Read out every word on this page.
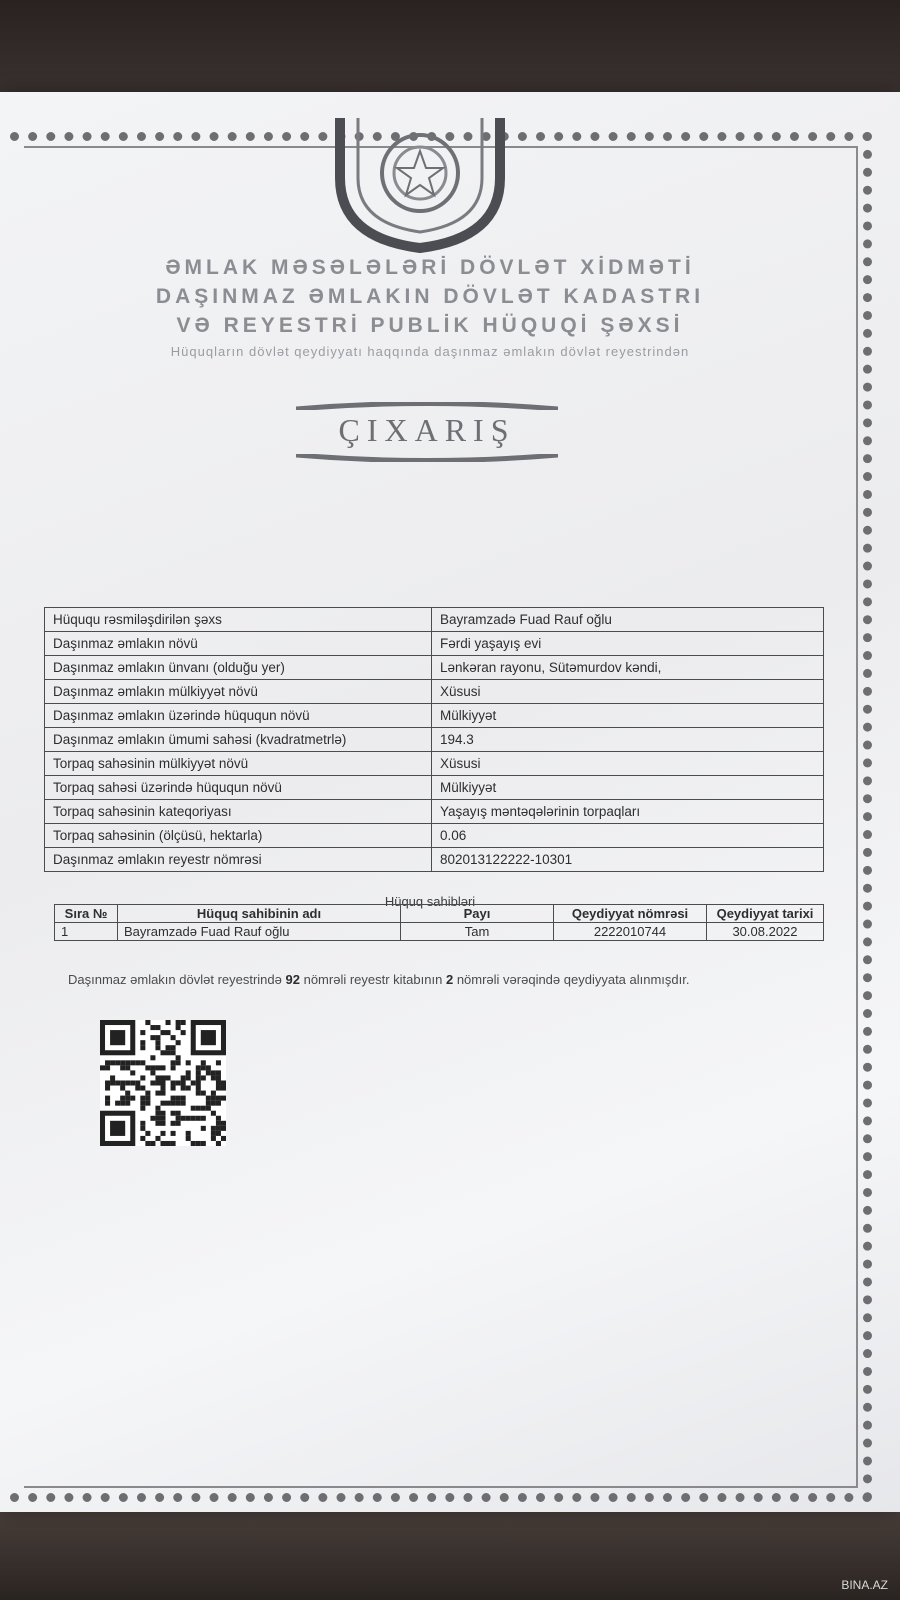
ƏMLAK MƏSƏLƏLƏRİ DÖVLƏT XİDMƏTİ
DAŞINMAZ ƏMLAKIN DÖVLƏT KADASTRI
VƏ REYESTRİ PUBLİK HÜQUQİ ŞƏXSİ
Hüquqların dövlət qeydiyyatı haqqında daşınmaz əmlakın dövlət reyestrindən
ÇIXARIŞ
Hüququ rəsmiləşdirilən şəxs	Bayramzadə Fuad Rauf oğlu
Daşınmaz əmlakın növü	Fərdi yaşayış evi
Daşınmaz əmlakın ünvanı (olduğu yer)	Lənkəran rayonu, Sütəmurdov kəndi,
Daşınmaz əmlakın mülkiyyət növü	Xüsusi
Daşınmaz əmlakın üzərində hüququn növü	Mülkiyyət
Daşınmaz əmlakın ümumi sahəsi (kvadratmetrlə)	194.3
Torpaq sahəsinin mülkiyyət növü	Xüsusi
Torpaq sahəsi üzərində hüququn növü	Mülkiyyət
Torpaq sahəsinin kateqoriyası	Yaşayış məntəqələrinin torpaqları
Torpaq sahəsinin (ölçüsü, hektarla)	0.06
Daşınmaz əmlakın reyestr nömrəsi	802013122222-10301
Hüquq sahibləri
Sıra №	Hüquq sahibinin adı	Payı	Qeydiyyat nömrəsi	Qeydiyyat tarixi
1	Bayramzadə Fuad Rauf oğlu	Tam	2222010744	30.08.2022
Daşınmaz əmlakın dövlət reyestrində 92 nömrəli reyestr kitabının 2 nömrəli vərəqində qeydiyyata alınmışdır.
BINA.AZ
